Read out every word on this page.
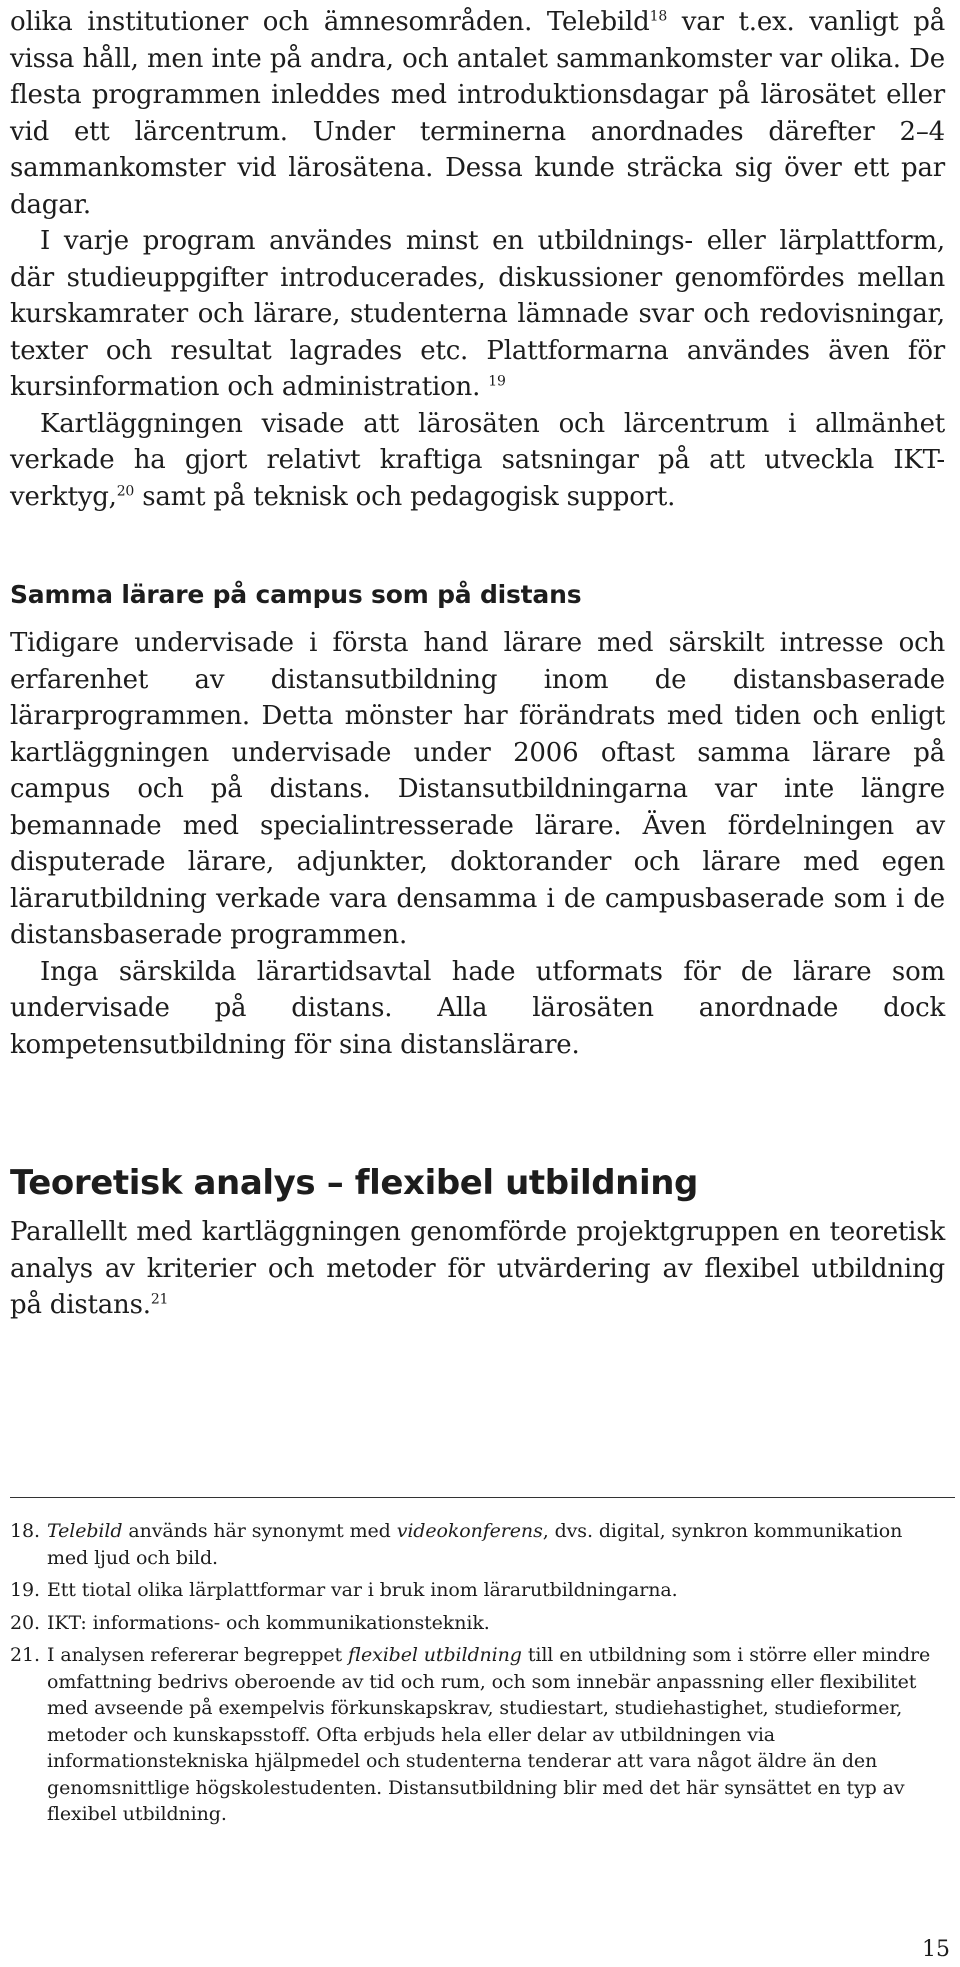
olika institutioner och ämnesområden. Telebild$^{18}$ var t.ex. vanligt på vissa håll, men inte på andra, och antalet sammankomster var olika. De flesta programmen inleddes med introduktionsdagar på lärosätet eller vid ett lärcentrum. Under terminerna anordnades därefter 2–4 sammankomster vid lärosätena. Dessa kunde sträcka sig över ett par dagar.

I varje program användes minst en utbildnings- eller lärplattform, där studieuppgifter introducerades, diskussioner genomfördes mellan kurskamrater och lärare, studenterna lämnade svar och redovisningar, texter och resultat lagrades etc. Plattformarna användes även för kursinformation och administration. $^{19}$

Kartläggningen visade att lärosäten och lärcentrum i allmänhet verkade ha gjort relativt kraftiga satsningar på att utveckla IKT-verktyg,$^{20}$ samt på teknisk och pedagogisk support.

Samma lärare på campus som på distans

Tidigare undervisade i första hand lärare med särskilt intresse och erfarenhet av distansutbildning inom de distansbaserade lärarprogrammen. Detta mönster har förändrats med tiden och enligt kartläggningen undervisade under 2006 oftast samma lärare på campus och på distans. Distansutbildningarna var inte längre bemannade med specialintresserade lärare. Även fördelningen av disputerade lärare, adjunkter, doktorander och lärare med egen lärarutbildning verkade vara densamma i de campusbaserade som i de distansbaserade programmen.

Inga särskilda lärartidsavtal hade utformats för de lärare som undervisade på distans. Alla lärosäten anordnade dock kompetensutbildning för sina distanslärare.

Teoretisk analys – flexibel utbildning

Parallellt med kartläggningen genomförde projektgruppen en teoretisk analys av kriterier och metoder för utvärdering av flexibel utbildning på distans.$^{21}$

18. Telebild används här synonymt med videokonferens, dvs. digital, synkron kommunikation med ljud och bild.
19. Ett tiotal olika lärplattformar var i bruk inom lärarutbildningarna.
20. IKT: informations- och kommunikationsteknik.
21. I analysen refererar begreppet flexibel utbildning till en utbildning som i större eller mindre omfattning bedrivs oberoende av tid och rum, och som innebär anpassning eller flexibilitet med avseende på exempelvis förkunskapskrav, studiestart, studiehastighet, studieformer, metoder och kunskapsstoff. Ofta erbjuds hela eller delar av utbildningen via informationstekniska hjälpmedel och studenterna tenderar att vara något äldre än den genomsnittlige högskolestudenten. Distansutbildning blir med det här synsättet en typ av flexibel utbildning.
15
